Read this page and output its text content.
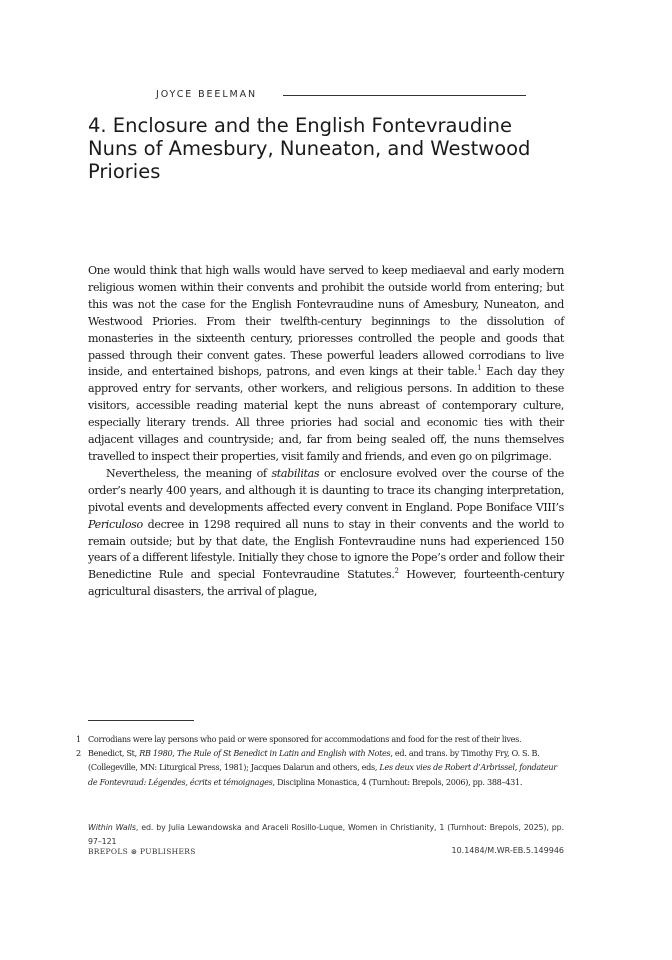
JOYCE BEELMAN
4. Enclosure and the English Fontevraudine Nuns of Amesbury, Nuneaton, and Westwood Priories

One would think that high walls would have served to keep mediaeval and early modern religious women within their convents and prohibit the outside world from entering; but this was not the case for the English Fontevraudine nuns of Amesbury, Nuneaton, and Westwood Priories. From their twelfth-century beginnings to the dissolution of monasteries in the sixteenth century, prioresses controlled the people and goods that passed through their convent gates. These powerful leaders allowed corrodians to live inside, and entertained bishops, patrons, and even kings at their table.$^1$ Each day they approved entry for servants, other workers, and religious persons. In addition to these visitors, accessible reading material kept the nuns abreast of contemporary culture, especially literary trends. All three priories had social and economic ties with their adjacent villages and countryside; and, far from being sealed off, the nuns themselves travelled to inspect their properties, visit family and friends, and even go on pilgrimage.

Nevertheless, the meaning of stabilitas or enclosure evolved over the course of the order’s nearly 400 years, and although it is daunting to trace its changing interpretation, pivotal events and developments affected every convent in England. Pope Boniface VIII’s Periculoso decree in 1298 required all nuns to stay in their convents and the world to remain outside; but by that date, the English Fontevraudine nuns had experienced 150 years of a different lifestyle. Initially they chose to ignore the Pope’s order and follow their Benedictine Rule and special Fontevraudine Statutes.$^2$ However, fourteenth-century agricultural disasters, the arrival of plague,

1 Corrodians were lay persons who paid or were sponsored for accommodations and food for the rest of their lives.
2 Benedict, St, RB 1980, The Rule of St Benedict in Latin and English with Notes, ed. and trans. by Timothy Fry, O. S. B. (Collegeville, MN: Liturgical Press, 1981); Jacques Dalarun and others, eds, Les deux vies de Robert d’Arbrissel, fondateur de Fontevraud: Légendes, écrits et témoignages, Disciplina Monastica, 4 (Turnhout: Brepols, 2006), pp. 388–431.
Within Walls, ed. by Julia Lewandowska and Araceli Rosillo-Luque, Women in Christianity, 1 (Turnhout: Brepols, 2025), pp. 97–121
BREPOLS ⊛ PUBLISHERS	10.1484/M.WR-EB.5.149946
